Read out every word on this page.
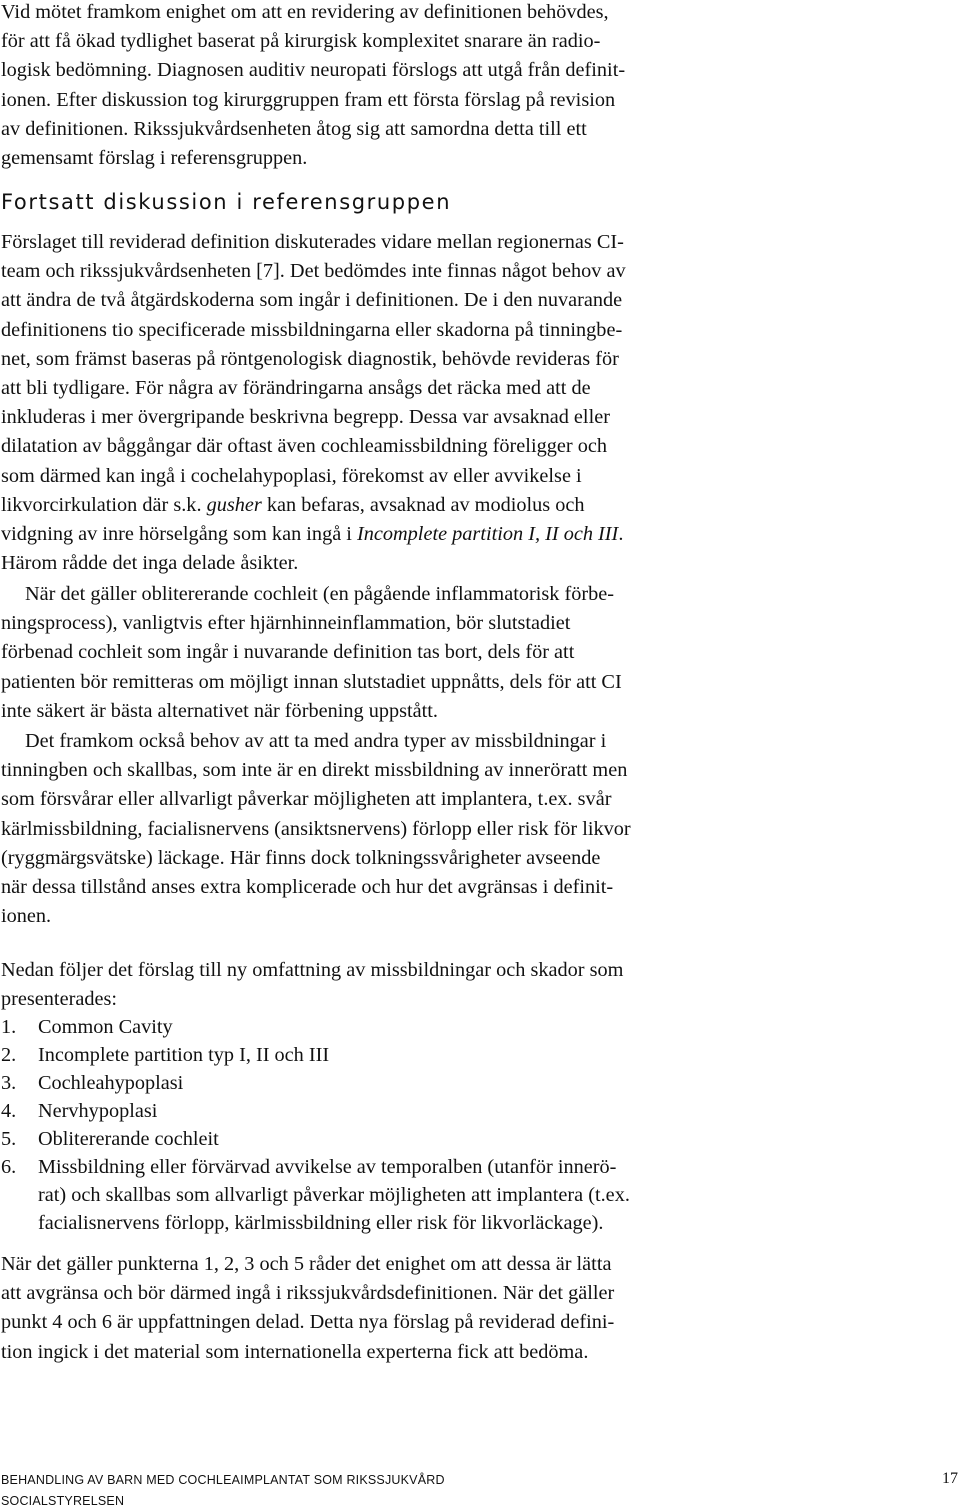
Vid mötet framkom enighet om att en revidering av definitionen behövdes,
för att få ökad tydlighet baserat på kirurgisk komplexitet snarare än radio-
logisk bedömning. Diagnosen auditiv neuropati förslogs att utgå från definit-
ionen. Efter diskussion tog kirurggruppen fram ett första förslag på revision
av definitionen. Rikssjukvårdsenheten åtog sig att samordna detta till ett
gemensamt förslag i referensgruppen.
Fortsatt diskussion i referensgruppen
Förslaget till reviderad definition diskuterades vidare mellan regionernas CI-
team och rikssjukvårdsenheten [7]. Det bedömdes inte finnas något behov av
att ändra de två åtgärdskoderna som ingår i definitionen. De i den nuvarande
definitionens tio specificerade missbildningarna eller skadorna på tinningbe-
net, som främst baseras på röntgenologisk diagnostik, behövde revideras för
att bli tydligare. För några av förändringarna ansågs det räcka med att de
inkluderas i mer övergripande beskrivna begrepp. Dessa var avsaknad eller
dilatation av båggångar där oftast även cochleamissbildning föreligger och
som därmed kan ingå i cochelahypoplasi, förekomst av eller avvikelse i
likvorcirkulation där s.k. gusher kan befaras, avsaknad av modiolus och
vidgning av inre hörselgång som kan ingå i Incomplete partition I, II och III.
Härom rådde det inga delade åsikter.
När det gäller oblitererande cochleit (en pågående inflammatorisk förbe-
ningsprocess), vanligtvis efter hjärnhinneinflammation, bör slutstadiet
förbenad cochleit som ingår i nuvarande definition tas bort, dels för att
patienten bör remitteras om möjligt innan slutstadiet uppnåtts, dels för att CI
inte säkert är bästa alternativet när förbening uppstått.
Det framkom också behov av att ta med andra typer av missbildningar i
tinningben och skallbas, som inte är en direkt missbildning av inneröratt men
som försvårar eller allvarligt påverkar möjligheten att implantera, t.ex. svår
kärlmissbildning, facialisnervens (ansiktsnervens) förlopp eller risk för likvor
(ryggmärgsvätske) läckage. Här finns dock tolkningssvårigheter avseende
när dessa tillstånd anses extra komplicerade och hur det avgränsas i definit-
ionen.
Nedan följer det förslag till ny omfattning av missbildningar och skador som
presenterades:
1. Common Cavity
2. Incomplete partition typ I, II och III
3. Cochleahypoplasi
4. Nervhypoplasi
5. Oblitererande cochleit
6. Missbildning eller förvärvad avvikelse av temporalben (utanför innerö-
rat) och skallbas som allvarligt påverkar möjligheten att implantera (t.ex.
facialisnervens förlopp, kärlmissbildning eller risk för likvorläckage).
När det gäller punkterna 1, 2, 3 och 5 råder det enighet om att dessa är lätta
att avgränsa och bör därmed ingå i rikssjukvårdsdefinitionen. När det gäller
punkt 4 och 6 är uppfattningen delad. Detta nya förslag på reviderad defini-
tion ingick i det material som internationella experterna fick att bedöma.
BEHANDLING AV BARN MED COCHLEAIMPLANTAT SOM RIKSSJUKVÅRD
SOCIALSTYRELSEN
17
